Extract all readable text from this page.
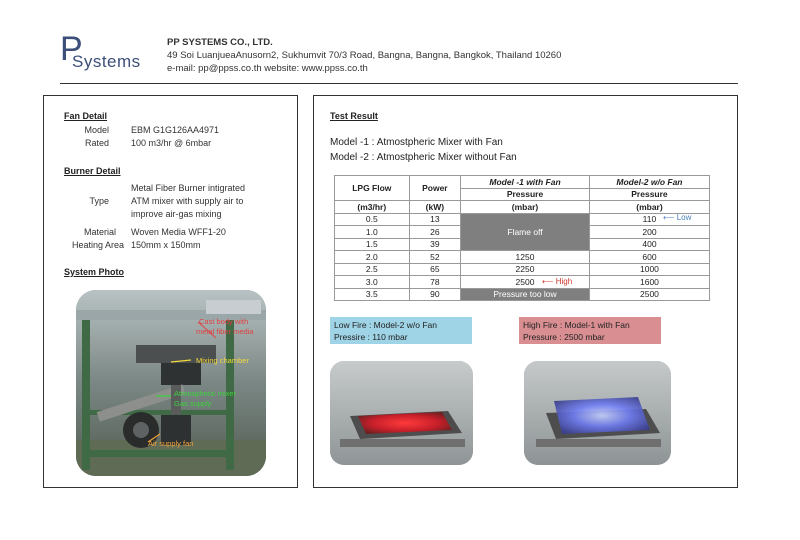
P
Systems
PP SYSTEMS CO., LTD.
49 Soi LuanjueaAnusorn2, Sukhumvit 70/3 Road, Bangna, Bangna, Bangkok, Thailand 10260
e-mail: pp@ppss.co.th website: www.ppss.co.th
Fan Detail
Model EBM G1G126AA4971
Rated 100 m3/hr @ 6mbar
Burner Detail
Metal Fiber Burner intigrated
Type ATM mixer with supply air to
improve air-gas mixing
Material Woven Media WFF1-20
Heating Area 150mm x 150mm
System Photo
Cast body with
metal fiber media
Mixing chamber
Atmospheric mixer
Gas supply
Air supply fan
Test Result
Model -1 : Atmostpheric Mixer with Fan
Model -2 : Atmostpheric Mixer without Fan
LPG Flow	Power	Model -1 with Fan	Model-2 w/o Fan
		Pressure	Pressure
(m3/hr)	(kW)	(mbar)	(mbar)
0.5	13	Flame off	110
1.0	26		200
1.5	39		400
2.0	52	1250	600
2.5	65	2250	1000
3.0	78	2500	1600
3.5	90	Pressure too low	2500
⟵ Low
⟵ High
Low Fire : Model-2 w/o Fan
Pressire : 110 mbar
High Fire : Model-1 with Fan
Pressure : 2500 mbar
